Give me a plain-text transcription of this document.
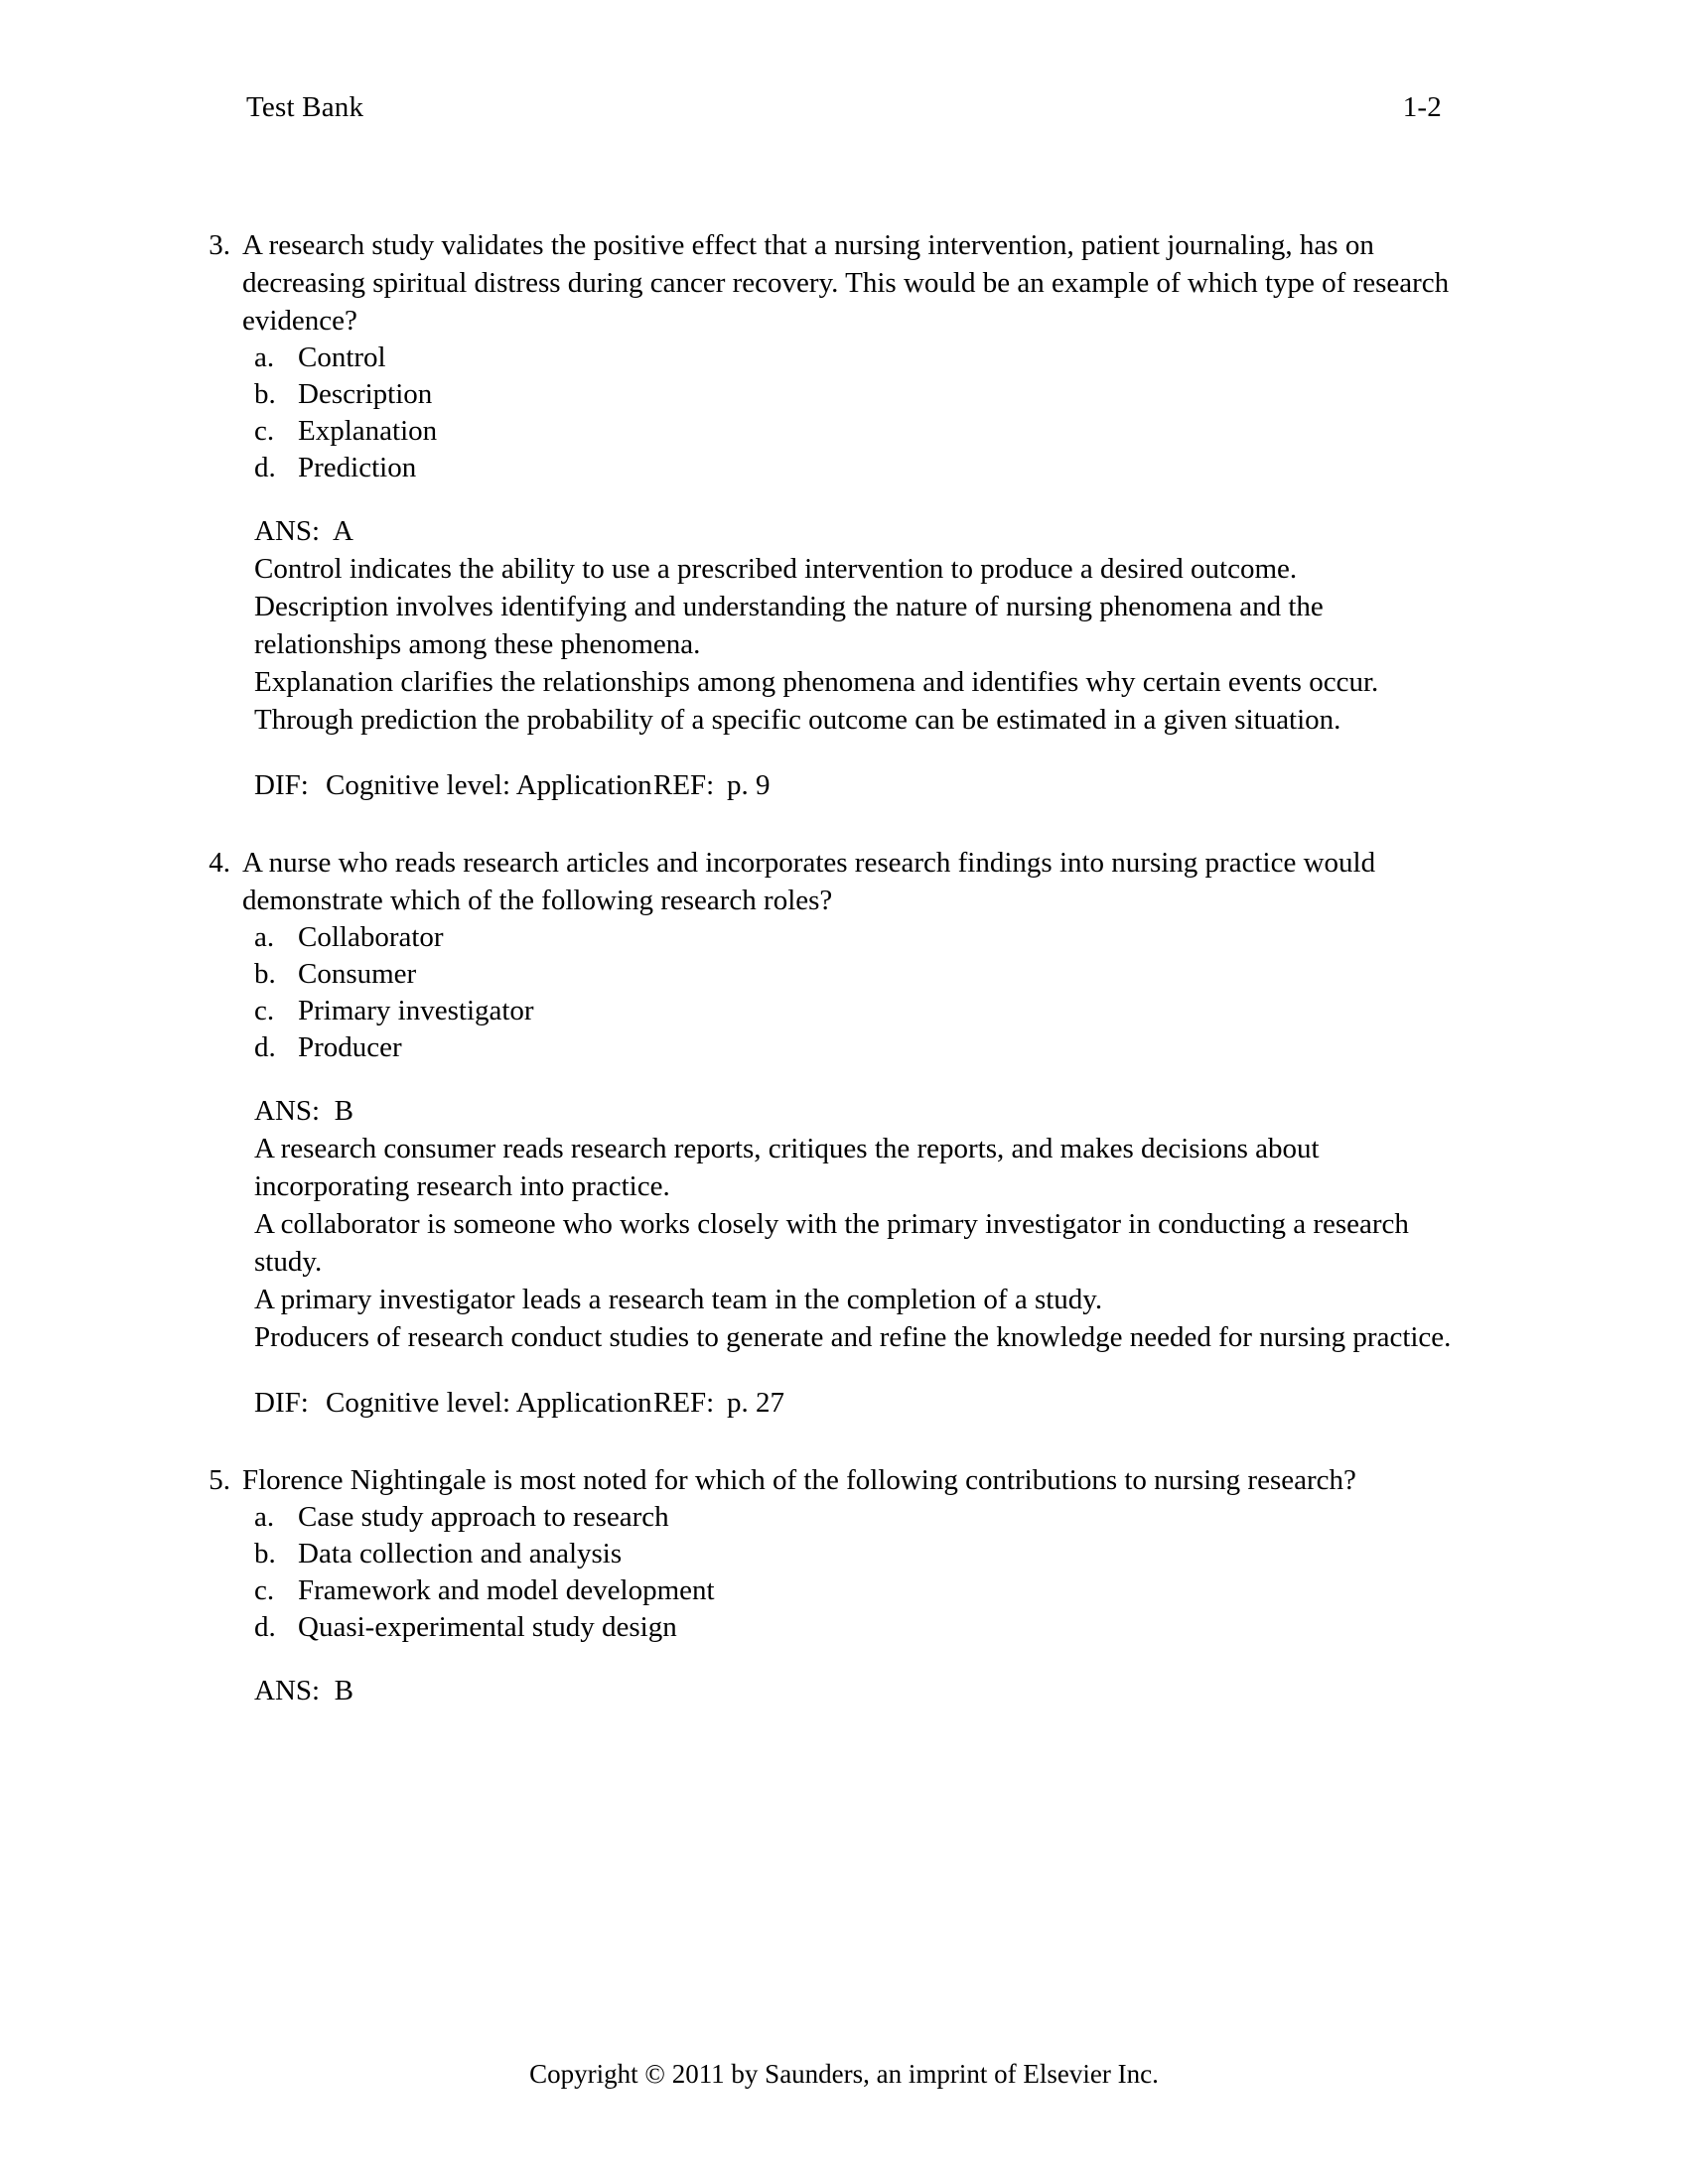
Test Bank	1-2
3. A research study validates the positive effect that a nursing intervention, patient journaling, has on decreasing spiritual distress during cancer recovery. This would be an example of which type of research evidence?
a. Control
b. Description
c. Explanation
d. Prediction
ANS:  A
Control indicates the ability to use a prescribed intervention to produce a desired outcome.
Description involves identifying and understanding the nature of nursing phenomena and the relationships among these phenomena.
Explanation clarifies the relationships among phenomena and identifies why certain events occur.
Through prediction the probability of a specific outcome can be estimated in a given situation.
DIF: Cognitive level: Application REF: p. 9
4. A nurse who reads research articles and incorporates research findings into nursing practice would demonstrate which of the following research roles?
a. Collaborator
b. Consumer
c. Primary investigator
d. Producer
ANS:  B
A research consumer reads research reports, critiques the reports, and makes decisions about incorporating research into practice.
A collaborator is someone who works closely with the primary investigator in conducting a research study.
A primary investigator leads a research team in the completion of a study.
Producers of research conduct studies to generate and refine the knowledge needed for nursing practice.
DIF: Cognitive level: Application REF: p. 27
5. Florence Nightingale is most noted for which of the following contributions to nursing research?
a. Case study approach to research
b. Data collection and analysis
c. Framework and model development
d. Quasi-experimental study design
ANS:  B
Copyright © 2011 by Saunders, an imprint of Elsevier Inc.
